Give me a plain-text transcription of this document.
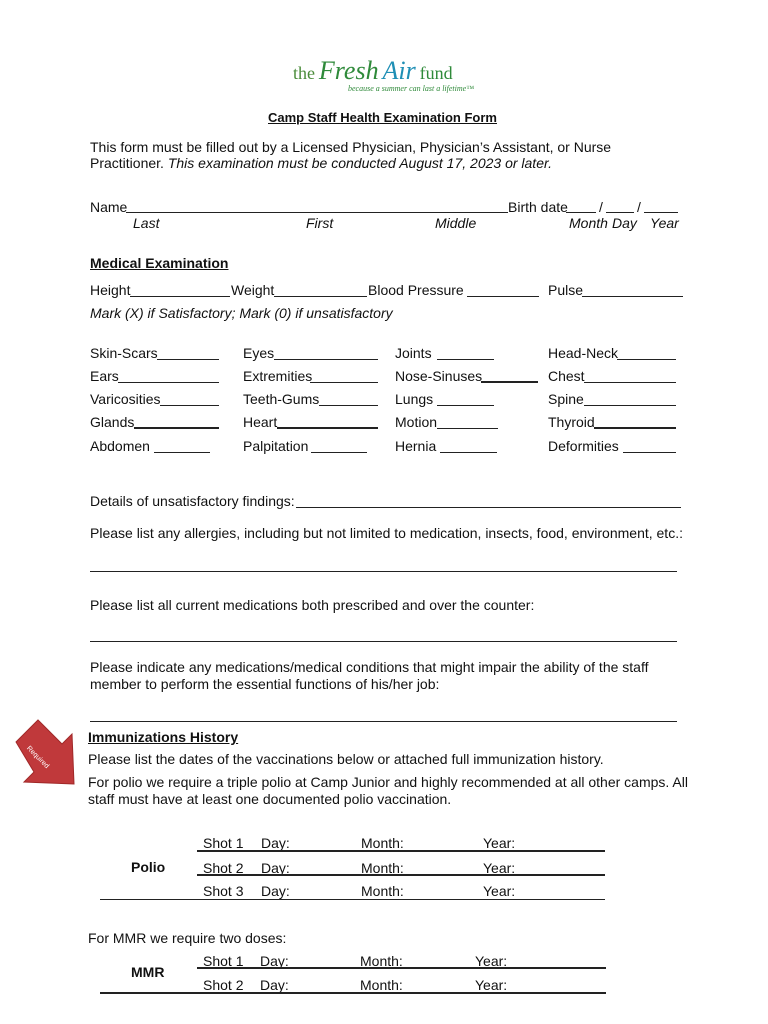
the Fresh Air fund
because a summer can last a lifetime™
Camp Staff Health Examination Form
This form must be filled out by a Licensed Physician, Physician’s Assistant, or Nurse
Practitioner. This examination must be conducted August 17, 2023 or later.
Name	Birth date / /
Last	First	Middle	Month Day Year
Medical Examination
Height	Weight	Blood Pressure	Pulse
Mark (X) if Satisfactory; Mark (0) if unsatisfactory
Skin-Scars	Eyes	Joints	Head-Neck
Ears	Extremities	Nose-Sinuses	Chest
Varicosities	Teeth-Gums	Lungs	Spine
Glands	Heart	Motion	Thyroid
Abdomen	Palpitation	Hernia	Deformities
Details of unsatisfactory findings:
Please list any allergies, including but not limited to medication, insects, food, environment, etc.:
Please list all current medications both prescribed and over the counter:
Please indicate any medications/medical conditions that might impair the ability of the staff
member to perform the essential functions of his/her job:
Required
Immunizations History
Please list the dates of the vaccinations below or attached full immunization history.
For polio we require a triple polio at Camp Junior and highly recommended at all other camps. All
staff must have at least one documented polio vaccination.
Polio
Shot 1 Day:	Month:	Year:
Shot 2 Day:	Month:	Year:
Shot 3 Day:	Month:	Year:
For MMR we require two doses:
MMR
Shot 1 Day:	Month:	Year:
Shot 2 Day:	Month:	Year:
